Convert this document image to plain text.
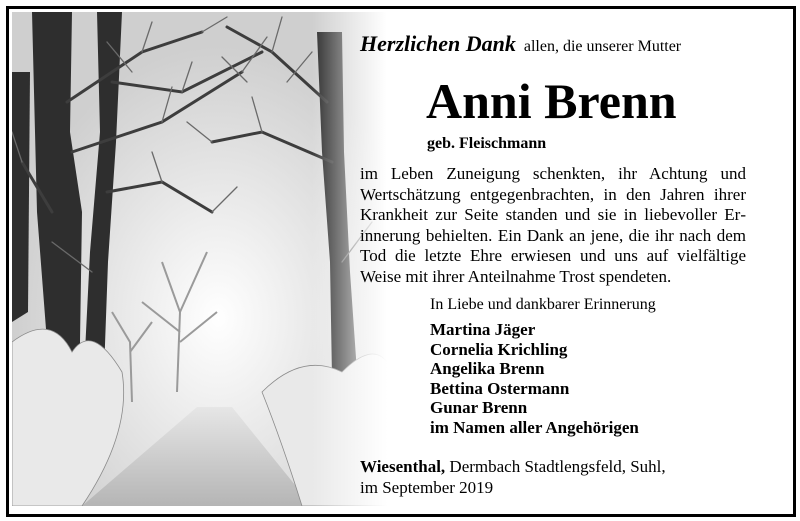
Herzlichen Dank allen, die unserer Mutter
Anni Brenn
geb. Fleischmann

im Leben Zuneigung schenkten, ihr Achtung und Wertschätzung entgegenbrachten, in den Jahren ihrer Krankheit zur Seite standen und sie in liebevoller Erinnerung behielten. Ein Dank an jene, die ihr nach dem Tod die letzte Ehre erwiesen und uns auf vielfältige Weise mit ihrer Anteilnahme Trost spendeten.

In Liebe und dankbarer Erinnerung
Martina Jäger
Cornelia Krichling
Angelika Brenn
Bettina Ostermann
Gunar Brenn
im Namen aller Angehörigen
Wiesenthal, Dermbach Stadtlengsfeld, Suhl,
im September 2019
